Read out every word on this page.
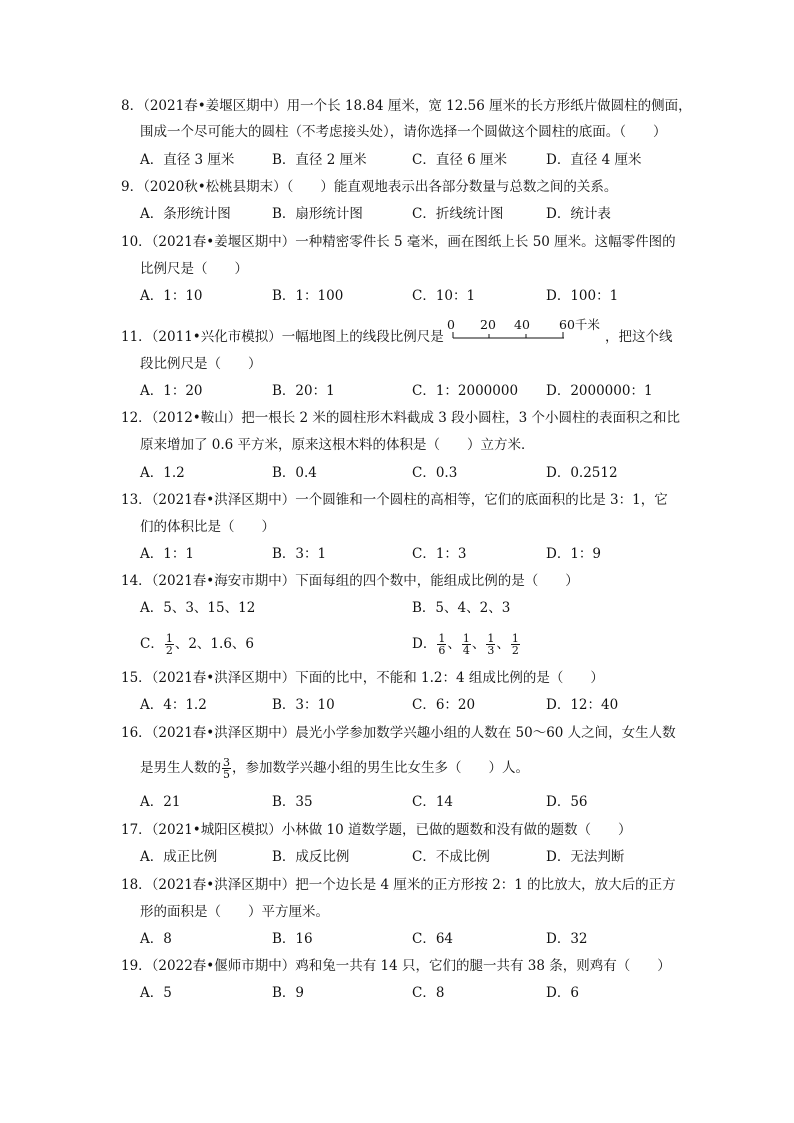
8．（2021春•姜堰区期中）用一个长 18.84 厘米，宽 12.56 厘米的长方形纸片做圆柱的侧面，
围成一个尽可能大的圆柱（不考虑接头处），请你选择一个圆做这个圆柱的底面。（　　）
A．直径 3 厘米	B．直径 2 厘米	C．直径 6 厘米	D．直径 4 厘米
9．（2020秋•松桃县期末）（　　）能直观地表示出各部分数量与总数之间的关系。
A．条形统计图	B．扇形统计图	C．折线统计图	D．统计表
10．（2021春•姜堰区期中）一种精密零件长 5 毫米，画在图纸上长 50 厘米。这幅零件图的
比例尺是（　　）
A．1：10	B．1：100	C．10：1	D．100：1
11．（2011•兴化市模拟）一幅地图上的线段比例尺是
0 20 40 60千米
，把这个线
段比例尺是（　　）
A．1：20	B．20：1	C．1：2000000 D．2000000：1
12．（2012•鞍山）把一根长 2 米的圆柱形木料截成 3 段小圆柱，3 个小圆柱的表面积之和比
原来增加了 0.6 平方米，原来这根木料的体积是（　　）立方米．
A．1.2	B．0.4	C．0.3	D．0.2512
13．（2021春•洪泽区期中）一个圆锥和一个圆柱的高相等，它们的底面积的比是 3：1，它
们的体积比是（　　）
A．1：1	B．3：1	C．1：3	D．1：9
14．（2021春•海安市期中）下面每组的四个数中，能组成比例的是（　　）
A．5、3、15、12	B．5、4、2、3
C． $\frac{1}{2}$ 、2、1.6、6	D． $\frac{1}{6}$ 、 $\frac{1}{4}$ 、 $\frac{1}{3}$ 、 $\frac{1}{2}$
15．（2021春•洪泽区期中）下面的比中，不能和 1.2：4 组成比例的是（　　）
A．4：1.2	B．3：10	C．6：20	D．12：40
16．（2021春•洪泽区期中）晨光小学参加数学兴趣小组的人数在 50～60 人之间，女生人数
是男生人数的 $\frac{3}{5}$ ，参加数学兴趣小组的男生比女生多（　　）人。
A．21	B．35	C．14	D．56
17．（2021•城阳区模拟）小林做 10 道数学题，已做的题数和没有做的题数（　　）
A．成正比例	B．成反比例	C．不成比例	D．无法判断
18．（2021春•洪泽区期中）把一个边长是 4 厘米的正方形按 2：1 的比放大，放大后的正方
形的面积是（　　）平方厘米。
A．8	B．16	C．64	D．32
19．（2022春•偃师市期中）鸡和兔一共有 14 只，它们的腿一共有 38 条，则鸡有（　　）
A．5	B．9	C．8	D．6
